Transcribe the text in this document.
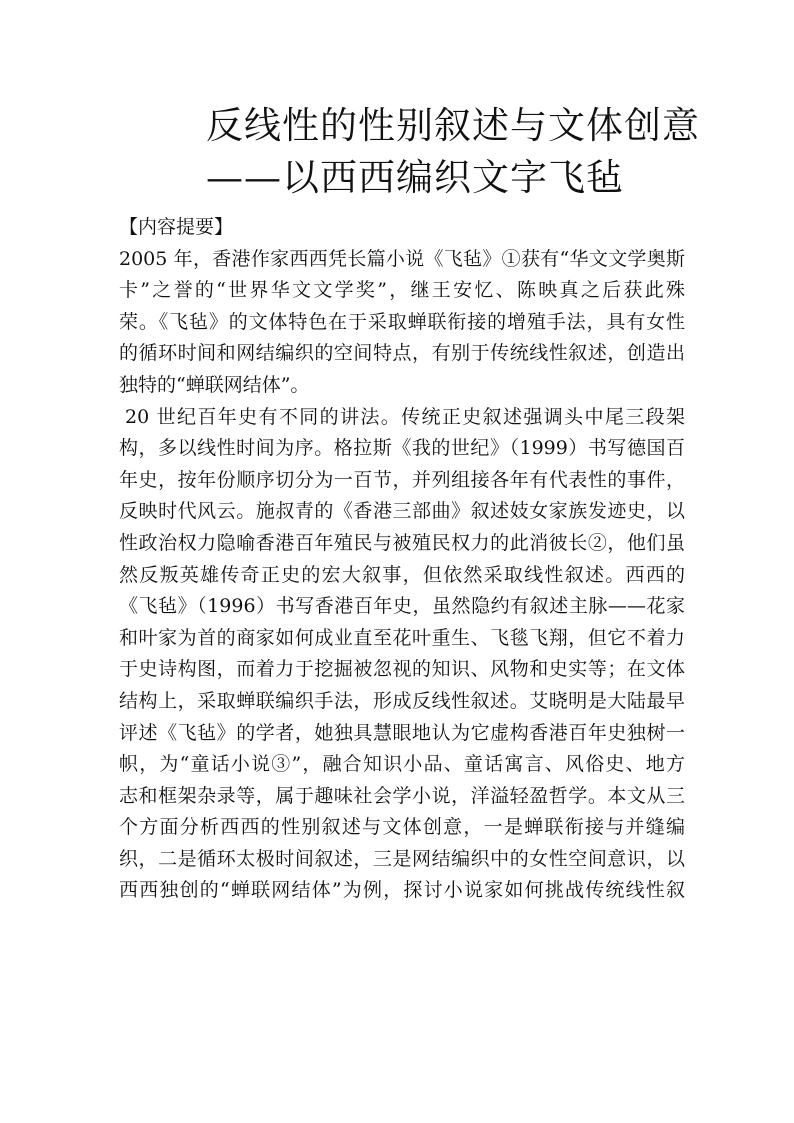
反线性的性别叙述与文体创意
——以西西编织文字飞毡
【内容提要】
2005 年，香港作家西西凭长篇小说《飞毡》①获有“华文文学奥斯
卡”之誉的“世界华文文学奖”，继王安忆、陈映真之后获此殊
荣。《飞毡》的文体特色在于采取蝉联衔接的增殖手法，具有女性
的循环时间和网结编织的空间特点，有别于传统线性叙述，创造出
独特的“蝉联网结体”。
20 世纪百年史有不同的讲法。传统正史叙述强调头中尾三段架
构，多以线性时间为序。格拉斯《我的世纪》（1999）书写德国百
年史，按年份顺序切分为一百节，并列组接各年有代表性的事件，
反映时代风云。施叔青的《香港三部曲》叙述妓女家族发迹史，以
性政治权力隐喻香港百年殖民与被殖民权力的此消彼长②，他们虽
然反叛英雄传奇正史的宏大叙事，但依然采取线性叙述。西西的
《飞毡》（1996）书写香港百年史，虽然隐约有叙述主脉——花家
和叶家为首的商家如何成业直至花叶重生、飞毯飞翔，但它不着力
于史诗构图，而着力于挖掘被忽视的知识、风物和史实等；在文体
结构上，采取蝉联编织手法，形成反线性叙述。艾晓明是大陆最早
评述《飞毡》的学者，她独具慧眼地认为它虚构香港百年史独树一
帜，为“童话小说③”，融合知识小品、童话寓言、风俗史、地方
志和框架杂录等，属于趣味社会学小说，洋溢轻盈哲学。本文从三
个方面分析西西的性别叙述与文体创意，一是蝉联衔接与并缝编
织，二是循环太极时间叙述，三是网结编织中的女性空间意识，以
西西独创的“蝉联网结体”为例，探讨小说家如何挑战传统线性叙
